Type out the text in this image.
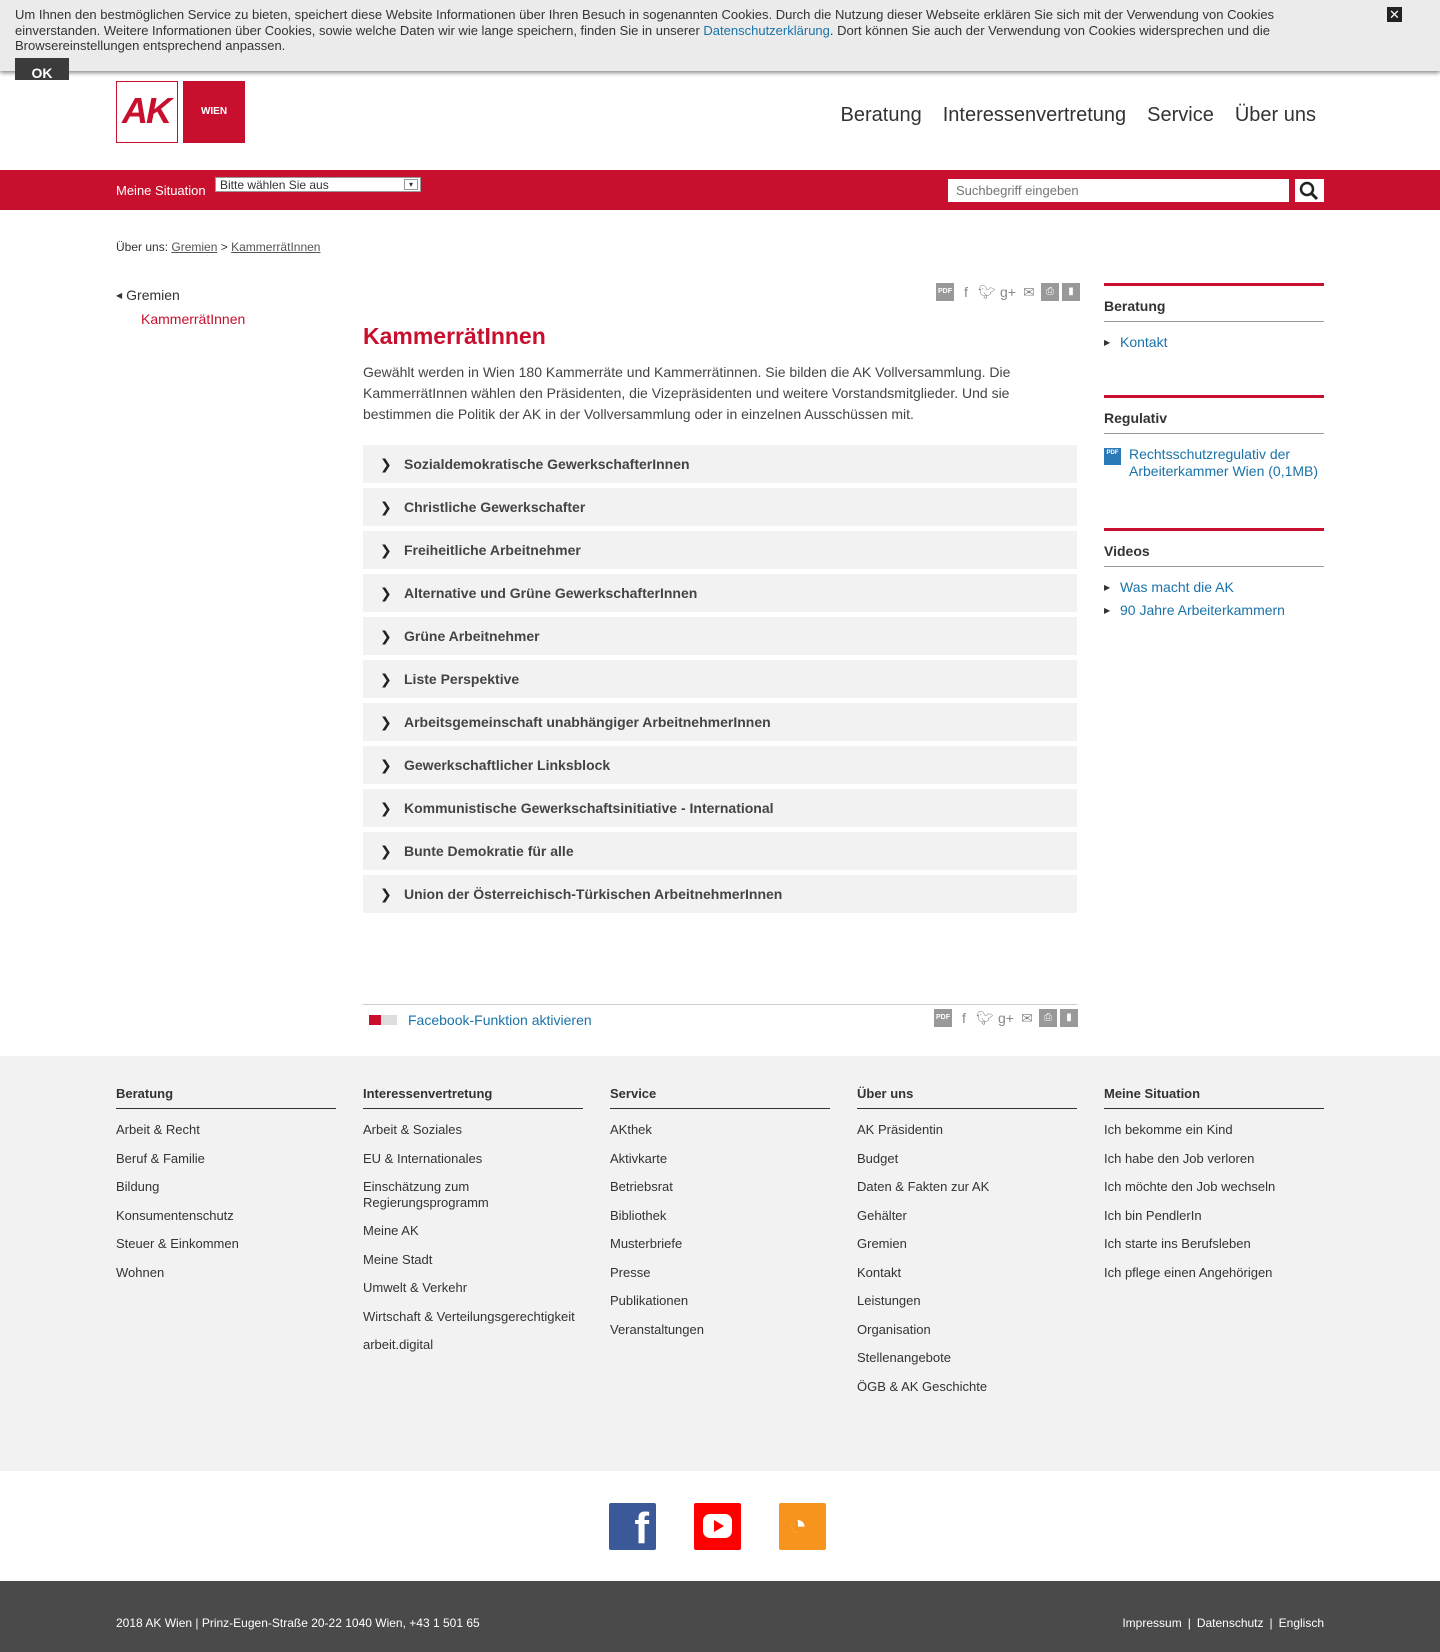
Um Ihnen den bestmöglichen Service zu bieten, speichert diese Website Informationen über Ihren Besuch in sogenannten Cookies. Durch die Nutzung dieser Webseite erklären Sie sich mit der Verwendung von Cookies einverstanden. Weitere Informationen über Cookies, sowie welche Daten wir wie lange speichern, finden Sie in unserer Datenschutzerklärung. Dort können Sie auch der Verwendung von Cookies widersprechen und die Browsereinstellungen entsprechend anpassen.

OK
✕
AK	WIEN	Beratung Interessenvertretung Service Über uns
Meine Situation	Bitte wählen Sie aus	▾
Suchbegriff eingeben
Über uns: Gremien > KammerrätInnen
◀ Gremien
KammerrätInnen
PDF f 🐦︎ g+ ✉	⎙	▮
KammerrätInnen

Gewählt werden in Wien 180 Kammerräte und Kammerrätinnen. Sie bilden die AK Vollversammlung. Die KammerrätInnen wählen den Präsidenten, die Vizepräsidenten und weitere Vorstandsmitglieder. Und sie bestimmen die Politik der AK in der Vollversammlung oder in einzelnen Ausschüssen mit.

❯ Sozialdemokratische GewerkschafterInnen
❯ Christliche Gewerkschafter
❯ Freiheitliche Arbeitnehmer
❯ Alternative und Grüne GewerkschafterInnen
❯ Grüne Arbeitnehmer
❯ Liste Perspektive
❯ Arbeitsgemeinschaft unabhängiger ArbeitnehmerInnen
❯ Gewerkschaftlicher Linksblock
❯ Kommunistische Gewerkschaftsinitiative - International
❯ Bunte Demokratie für alle
❯ Union der Österreichisch-Türkischen ArbeitnehmerInnen
Facebook-Funktion aktivieren	PDF f 🐦︎ g+ ✉	⎙	▮
Beratung
▶ Kontakt
Regulativ
PDF Rechtsschutzregulativ der Arbeiterkammer Wien (0,1MB)
Videos
▶ Was macht die AK
▶ 90 Jahre Arbeiterkammern
Beratung
Arbeit & Recht
Beruf & Familie
Bildung
Konsumentenschutz
Steuer & Einkommen
Wohnen
Interessenvertretung
Arbeit & Soziales
EU & Internationales
Einschätzung zum Regierungsprogramm
Meine AK
Meine Stadt
Umwelt & Verkehr
Wirtschaft & Verteilungsgerechtigkeit
arbeit.digital
Service
AKthek
Aktivkarte
Betriebsrat
Bibliothek
Musterbriefe
Presse
Publikationen
Veranstaltungen
Über uns
AK Präsidentin
Budget
Daten & Fakten zur AK
Gehälter
Gremien
Kontakt
Leistungen
Organisation
Stellenangebote
ÖGB & AK Geschichte
Meine Situation
Ich bekomme ein Kind
Ich habe den Job verloren
Ich möchte den Job wechseln
Ich bin PendlerIn
Ich starte ins Berufsleben
Ich pflege einen Angehörigen
f	◔
2018 AK Wien | Prinz-Eugen-Straße 20-22 1040 Wien, +43 1 501 65	Impressum | Datenschutz | Englisch
